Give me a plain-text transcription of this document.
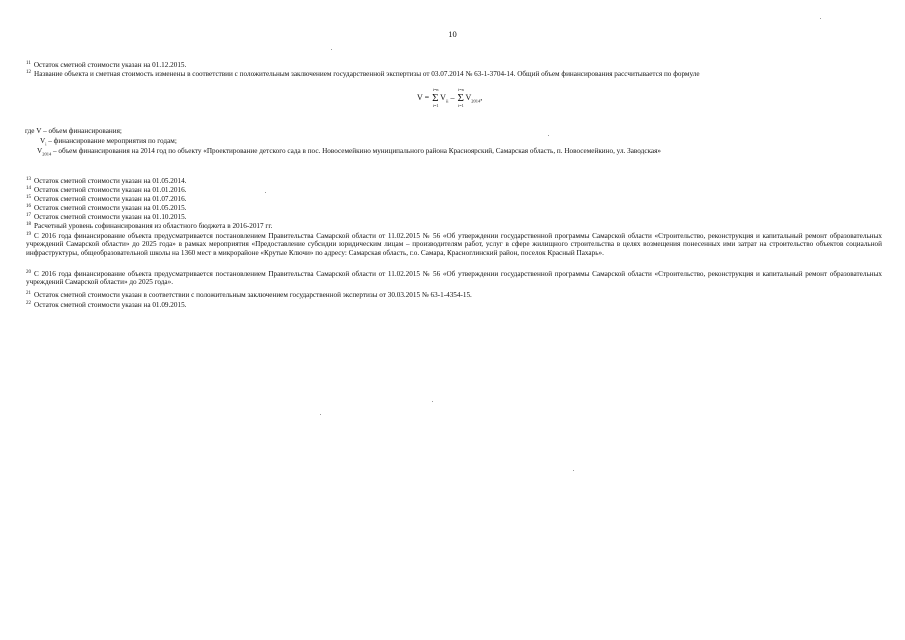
10
$^{11}$ Остаток сметной стоимости указан на 01.12.2015.
$^{12}$ Название объекта и сметная стоимость изменены в соответствии с положительным заключением государственной экспертизы от 03.07.2014 № 63-1-3704-14. Общий объем финансирования рассчитывается по формуле
V =
i=n
Σ
i=1
$V_{ii}$ –
i=n
Σ
i=1
$V_{2014}$,
где V – объем финансирования;
$V_i$ – финансирование мероприятия по годам;
$V_{2014}$ – объем финансирования на 2014 год по объекту «Проектирование детского сада в пос. Новосемейкино муниципального района Красноярский, Самарская область, п. Новосемейкино, ул. Заводская»
$^{13}$ Остаток сметной стоимости указан на 01.05.2014.
$^{14}$ Остаток сметной стоимости указан на 01.01.2016.
$^{15}$ Остаток сметной стоимости указан на 01.07.2016.
$^{16}$ Остаток сметной стоимости указан на 01.05.2015.
$^{17}$ Остаток сметной стоимости указан на 01.10.2015.
$^{18}$ Расчетный уровень софинансирования из областного бюджета в 2016-2017 гг.
$^{19}$ С 2016 года финансирование объекта предусматривается постановлением Правительства Самарской области от 11.02.2015 № 56 «Об утверждении государственной программы Самарской области «Строительство, реконструкция и капитальный ремонт образовательных учреждений Самарской области» до 2025 года» в рамках мероприятия «Предоставление субсидии юридическим лицам – производителям работ, услуг в сфере жилищного строительства в целях возмещения понесенных ими затрат на строительство объектов социальной инфраструктуры, общеобразовательной школы на 1360 мест в микрорайоне «Крутые Ключи» по адресу: Самарская область, г.о. Самара, Красноглинский район, поселок Красный Пахарь».
$^{20}$ С 2016 года финансирование объекта предусматривается постановлением Правительства Самарской области от 11.02.2015 № 56 «Об утверждении государственной программы Самарской области «Строительство, реконструкция и капитальный ремонт образовательных учреждений Самарской области» до 2025 года».
$^{21}$ Остаток сметной стоимости указан в соответствии с положительным заключением государственной экспертизы от 30.03.2015 № 63-1-4354-15.
$^{22}$ Остаток сметной стоимости указан на 01.09.2015.
